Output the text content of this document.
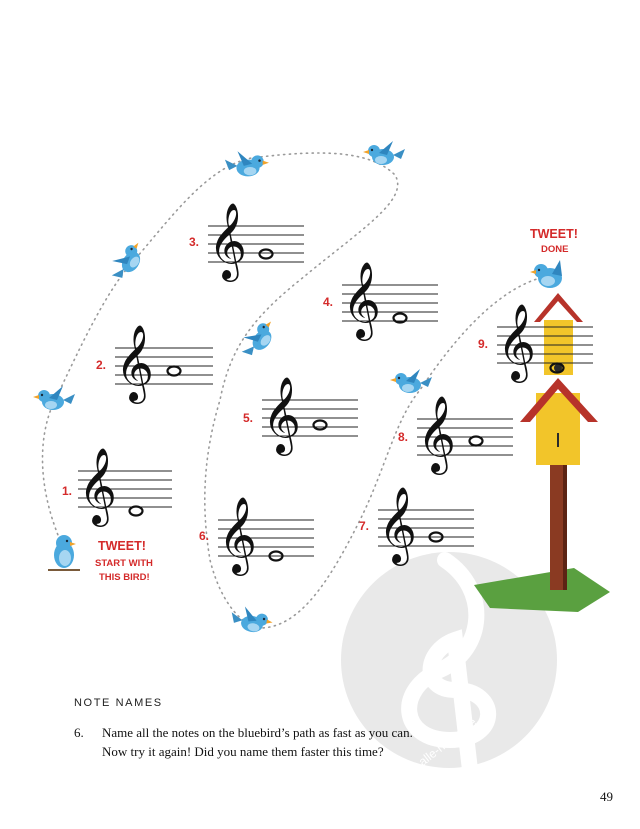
alle-noten.de
TWEET!
START WITH
THIS BIRD!
TWEET!
DONE
1. 𝄞
2. 𝄞
3. 𝄞
4. 𝄞
5. 𝄞
6. 𝄞	7. 𝄞
8. 𝄞
9. 𝄞

NOTE NAMES

6. Name all the notes on the bluebird’s path as fast as you can.
Now try it again! Did you name them faster this time?
49
